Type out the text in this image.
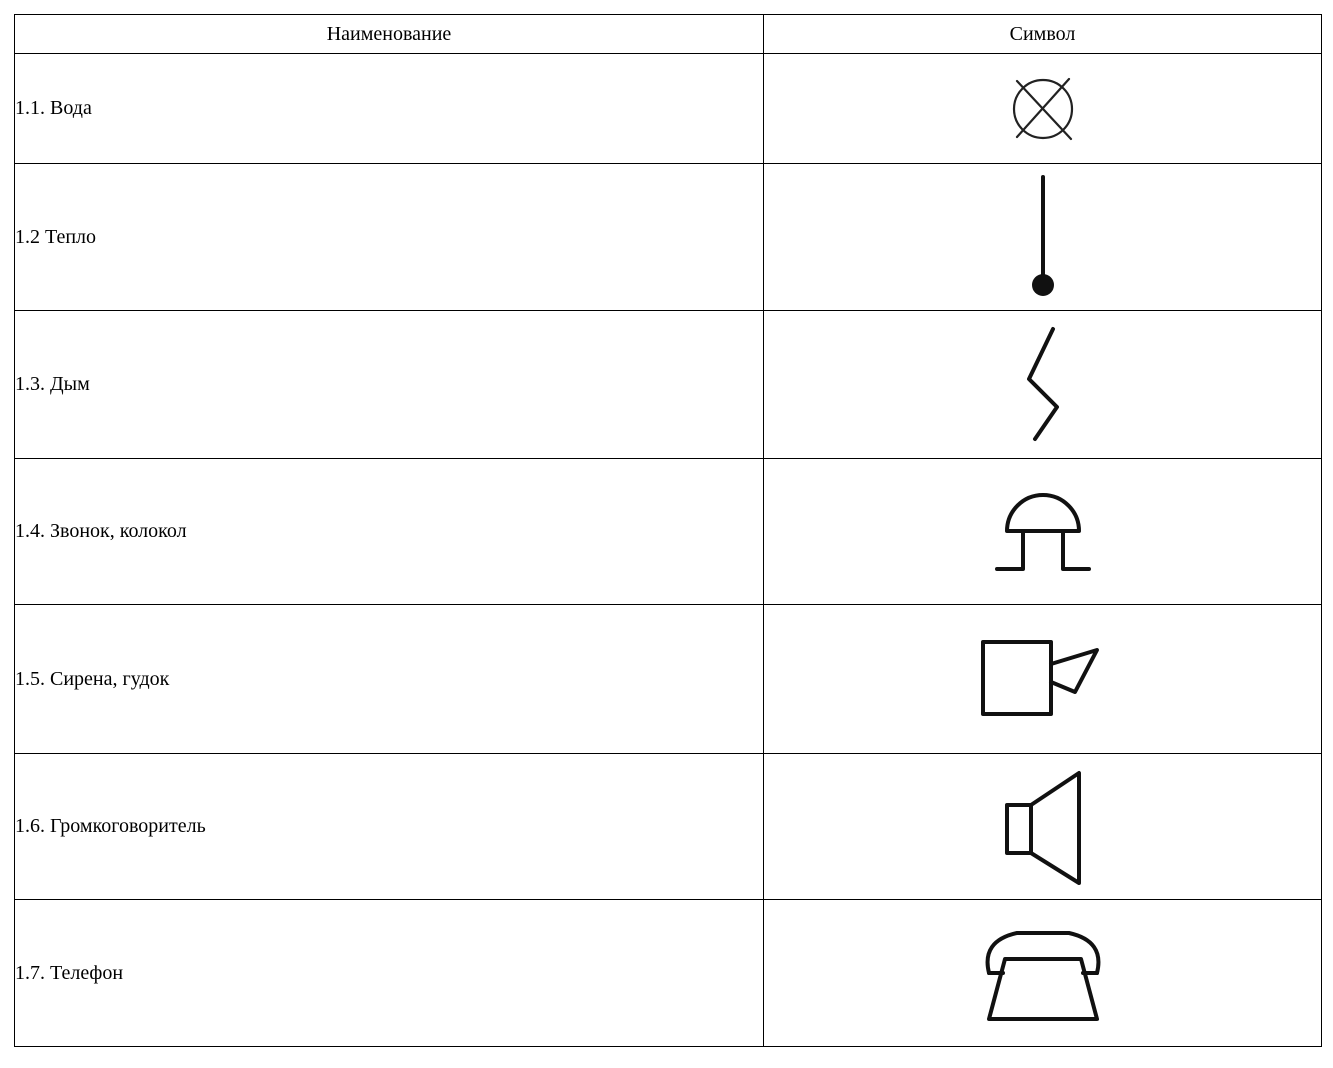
Наименование	Символ
1.1. Вода	

1.2 Тепло	

1.3. Дым	

1.4. Звонок, колокол	

1.5. Сирена, гудок	

1.6. Громкоговоритель	

1.7. Телефон	
